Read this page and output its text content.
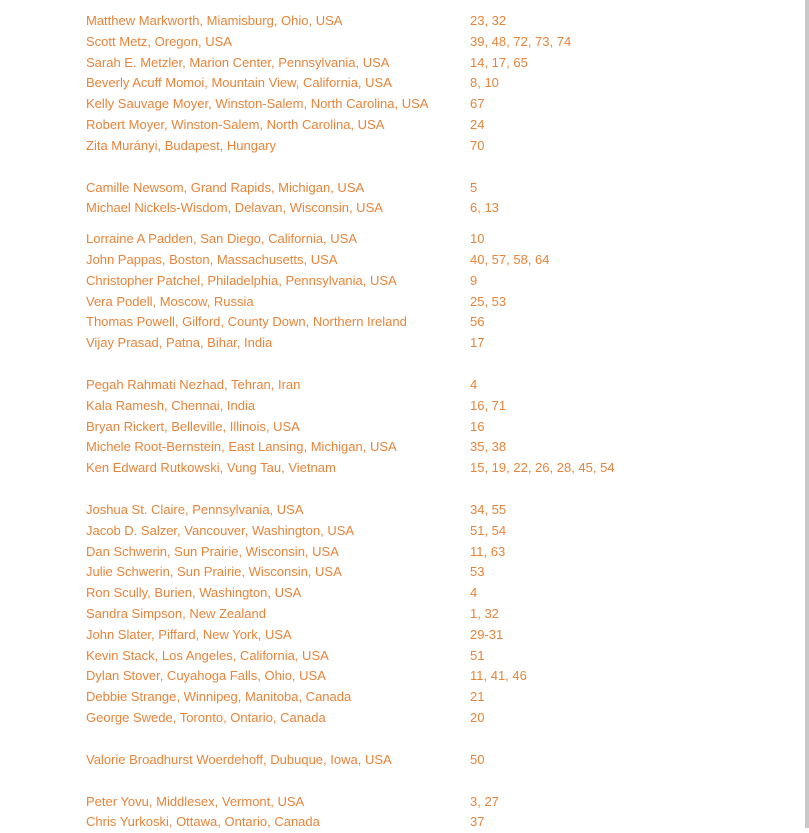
Matthew Markworth, Miamisburg, Ohio, USA	23, 32
Scott Metz, Oregon, USA	39, 48, 72, 73, 74
Sarah E. Metzler, Marion Center, Pennsylvania, USA	14, 17, 65
Beverly Acuff Momoi, Mountain View, California, USA	8, 10
Kelly Sauvage Moyer, Winston-Salem, North Carolina, USA	67
Robert Moyer, Winston-Salem, North Carolina, USA	24
Zita Murányi, Budapest, Hungary	70
Camille Newsom, Grand Rapids, Michigan, USA	5
Michael Nickels-Wisdom, Delavan, Wisconsin, USA	6, 13
Lorraine A Padden, San Diego, California, USA	10
John Pappas, Boston, Massachusetts, USA	40, 57, 58, 64
Christopher Patchel, Philadelphia, Pennsylvania, USA	9
Vera Podell, Moscow, Russia	25, 53
Thomas Powell, Gilford, County Down, Northern Ireland	56
Vijay Prasad, Patna, Bihar, India	17
Pegah Rahmati Nezhad, Tehran, Iran	4
Kala Ramesh, Chennai, India	16, 71
Bryan Rickert, Belleville, Illinois, USA	16
Michele Root-Bernstein, East Lansing, Michigan, USA	35, 38
Ken Edward Rutkowski, Vung Tau, Vietnam	15, 19, 22, 26, 28, 45, 54
Joshua St. Claire, Pennsylvania, USA	34, 55
Jacob D. Salzer, Vancouver, Washington, USA	51, 54
Dan Schwerin, Sun Prairie, Wisconsin, USA	11, 63
Julie Schwerin, Sun Prairie, Wisconsin, USA	53
Ron Scully, Burien, Washington, USA	4
Sandra Simpson, New Zealand	1, 32
John Slater, Piffard, New York, USA	29-31
Kevin Stack, Los Angeles, California, USA	51
Dylan Stover, Cuyahoga Falls, Ohio, USA	11, 41, 46
Debbie Strange, Winnipeg, Manitoba, Canada	21
George Swede, Toronto, Ontario, Canada	20
Valorie Broadhurst Woerdehoff, Dubuque, Iowa, USA	50
Peter Yovu, Middlesex, Vermont, USA	3, 27
Chris Yurkoski, Ottawa, Ontario, Canada	37
